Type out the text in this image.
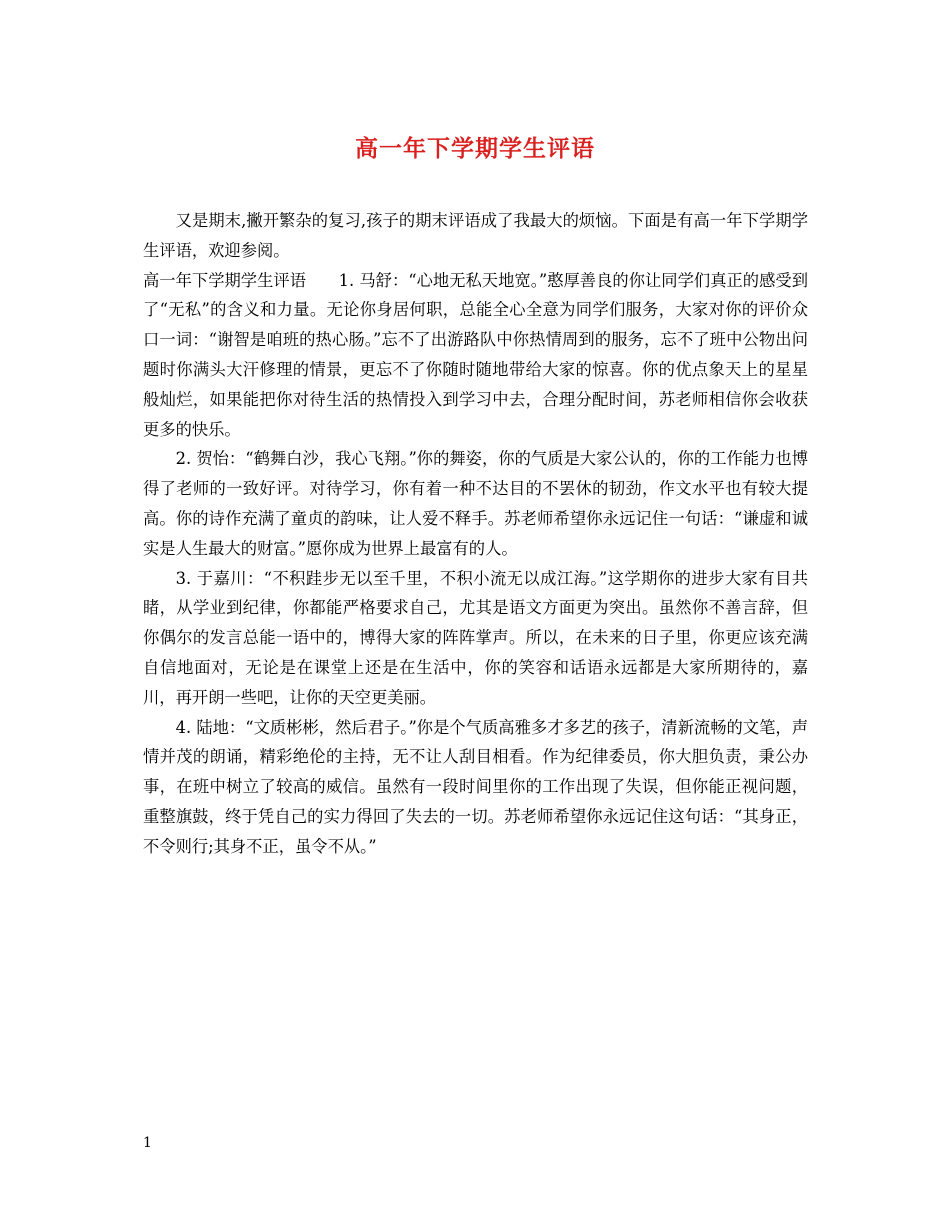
高一年下学期学生评语

又是期末,撇开繁杂的复习,孩子的期末评语成了我最大的烦恼。下面是有高一年下学期学生评语，欢迎参阅。

高一年下学期学生评语　　1. 马舒：“心地无私天地宽。”憨厚善良的你让同学们真正的感受到了“无私”的含义和力量。无论你身居何职，总能全心全意为同学们服务，大家对你的评价众口一词：“谢智是咱班的热心肠。”忘不了出游路队中你热情周到的服务，忘不了班中公物出问题时你满头大汗修理的情景，更忘不了你随时随地带给大家的惊喜。你的优点象天上的星星般灿烂，如果能把你对待生活的热情投入到学习中去，合理分配时间，苏老师相信你会收获更多的快乐。

2. 贺怡：“鹤舞白沙，我心飞翔。”你的舞姿，你的气质是大家公认的，你的工作能力也博得了老师的一致好评。对待学习，你有着一种不达目的不罢休的韧劲，作文水平也有较大提高。你的诗作充满了童贞的韵味，让人爱不释手。苏老师希望你永远记住一句话：“谦虚和诚实是人生最大的财富。”愿你成为世界上最富有的人。

3. 于嘉川：“不积跬步无以至千里，不积小流无以成江海。”这学期你的进步大家有目共睹，从学业到纪律，你都能严格要求自己，尤其是语文方面更为突出。虽然你不善言辞，但你偶尔的发言总能一语中的，博得大家的阵阵掌声。所以，在未来的日子里，你更应该充满自信地面对，无论是在课堂上还是在生活中，你的笑容和话语永远都是大家所期待的，嘉川，再开朗一些吧，让你的天空更美丽。

4. 陆地：“文质彬彬，然后君子。”你是个气质高雅多才多艺的孩子，清新流畅的文笔，声情并茂的朗诵，精彩绝伦的主持，无不让人刮目相看。作为纪律委员，你大胆负责，秉公办事，在班中树立了较高的威信。虽然有一段时间里你的工作出现了失误，但你能正视问题，重整旗鼓，终于凭自己的实力得回了失去的一切。苏老师希望你永远记住这句话：“其身正，不令则行;其身不正，虽令不从。”

1
